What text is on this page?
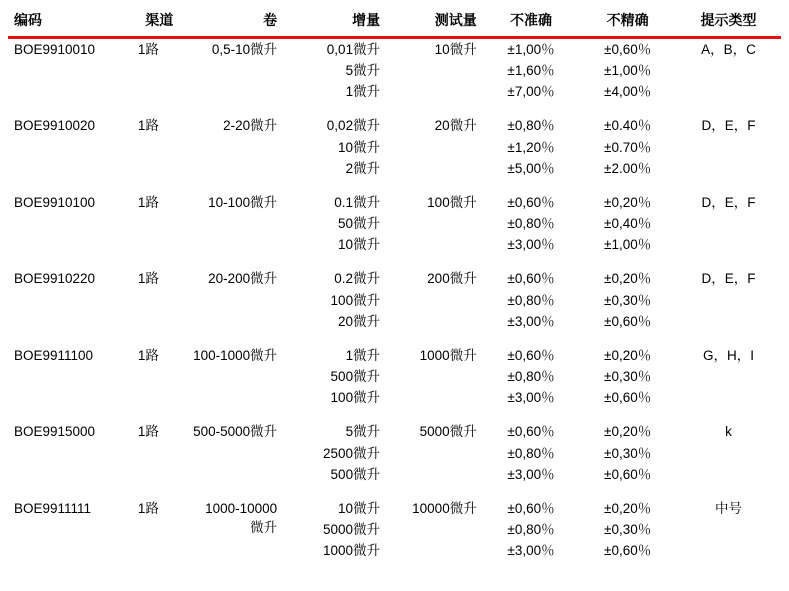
编码	渠道	卷	增量	测试量	不准确	不精确	提示类型
BOE9910010	1路	0,5-10微升	0,01微升	10微升	±1,00％	±0,60％	A，B，C
			5微升		±1,60％	±1,00％	
			1微升		±7,00％	±4,00％	

BOE9910020	1路	2-20微升	0,02微升	20微升	±0,80％	±0.40％	D，E，F
			10微升		±1,20％	±0.70％	
			2微升		±5,00％	±2.00％	

BOE9910100	1路	10-100微升	0.1微升	100微升	±0,60％	±0,20％	D，E，F
			50微升		±0,80％	±0,40％	
			10微升		±3,00％	±1,00％	

BOE9910220	1路	20-200微升	0.2微升	200微升	±0,60％	±0,20％	D，E，F
			100微升		±0,80％	±0,30％	
			20微升		±3,00％	±0,60％	

BOE9911100	1路	100-1000微升	1微升	1000微升	±0,60％	±0,20％	G，H，I
			500微升		±0,80％	±0,30％	
			100微升		±3,00％	±0,60％	

BOE9915000	1路	500-5000微升	5微升	5000微升	±0,60％	±0,20％	k
			2500微升		±0,80％	±0,30％	
			500微升		±3,00％	±0,60％	

BOE9911111	1路	1000-10000微升	10微升	10000微升	±0,60％	±0,20％	中号
			5000微升		±0,80％	±0,30％	
			1000微升		±3,00％	±0,60％	
